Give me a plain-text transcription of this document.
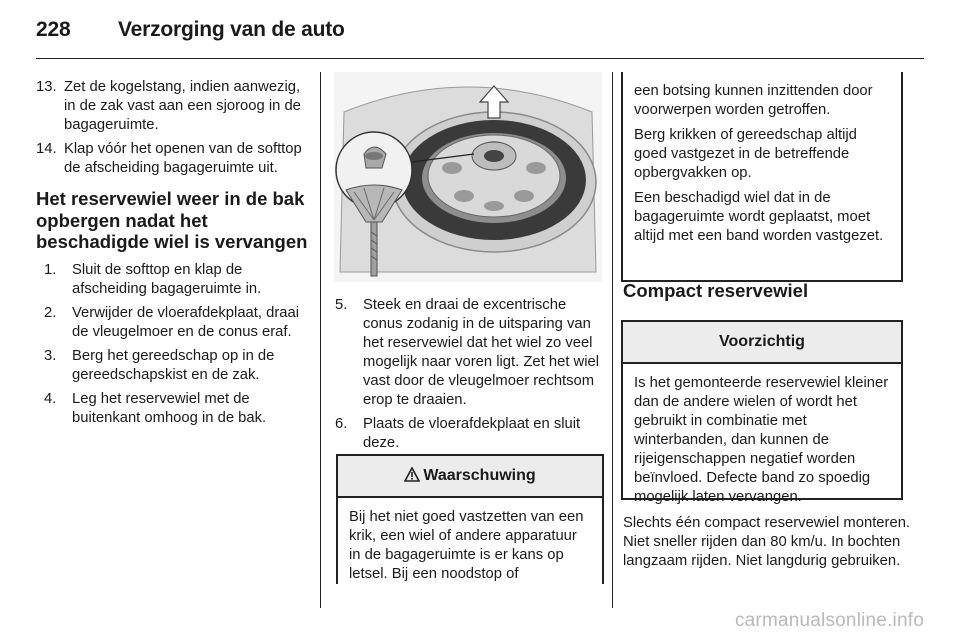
228 Verzorging van de auto
13. Zet de kogelstang, indien aanwezig, in de zak vast aan een sjoroog in de bagageruimte.
14. Klap vóór het openen van de softtop de afscheiding bagageruimte uit.
Het reservewiel weer in de bak opbergen nadat het beschadigde wiel is vervangen
1.	Sluit de softtop en klap de afscheiding bagageruimte in.
2.	Verwijder de vloerafdekplaat, draai de vleugelmoer en de conus eraf.
3.	Berg het gereedschap op in de gereedschapskist en de zak.
4.	Leg het reservewiel met de buitenkant omhoog in de bak.
5.	Steek en draai de excentrische conus zodanig in de uitsparing van het reservewiel dat het wiel zo veel mogelijk naar voren ligt. Zet het wiel vast door de vleugelmoer rechtsom erop te draaien.
6.	Plaats de vloerafdekplaat en sluit deze.
Waarschuwing

Bij het niet goed vastzetten van een krik, een wiel of andere apparatuur in de bagageruimte is er kans op letsel. Bij een noodstop of

een botsing kunnen inzittenden door voorwerpen worden getroffen.

Berg krikken of gereedschap altijd goed vastgezet in de betreffende opbergvakken op.

Een beschadigd wiel dat in de bagageruimte wordt geplaatst, moet altijd met een band worden vastgezet.

Compact reservewiel
Voorzichtig

Is het gemonteerde reservewiel kleiner dan de andere wielen of wordt het gebruikt in combinatie met winterbanden, dan kunnen de rijeigenschappen negatief worden beïnvloed. Defecte band zo spoedig mogelijk laten vervangen.

Slechts één compact reservewiel monteren. Niet sneller rijden dan 80 km/u. In bochten langzaam rijden. Niet langdurig gebruiken.

carmanualsonline.info
